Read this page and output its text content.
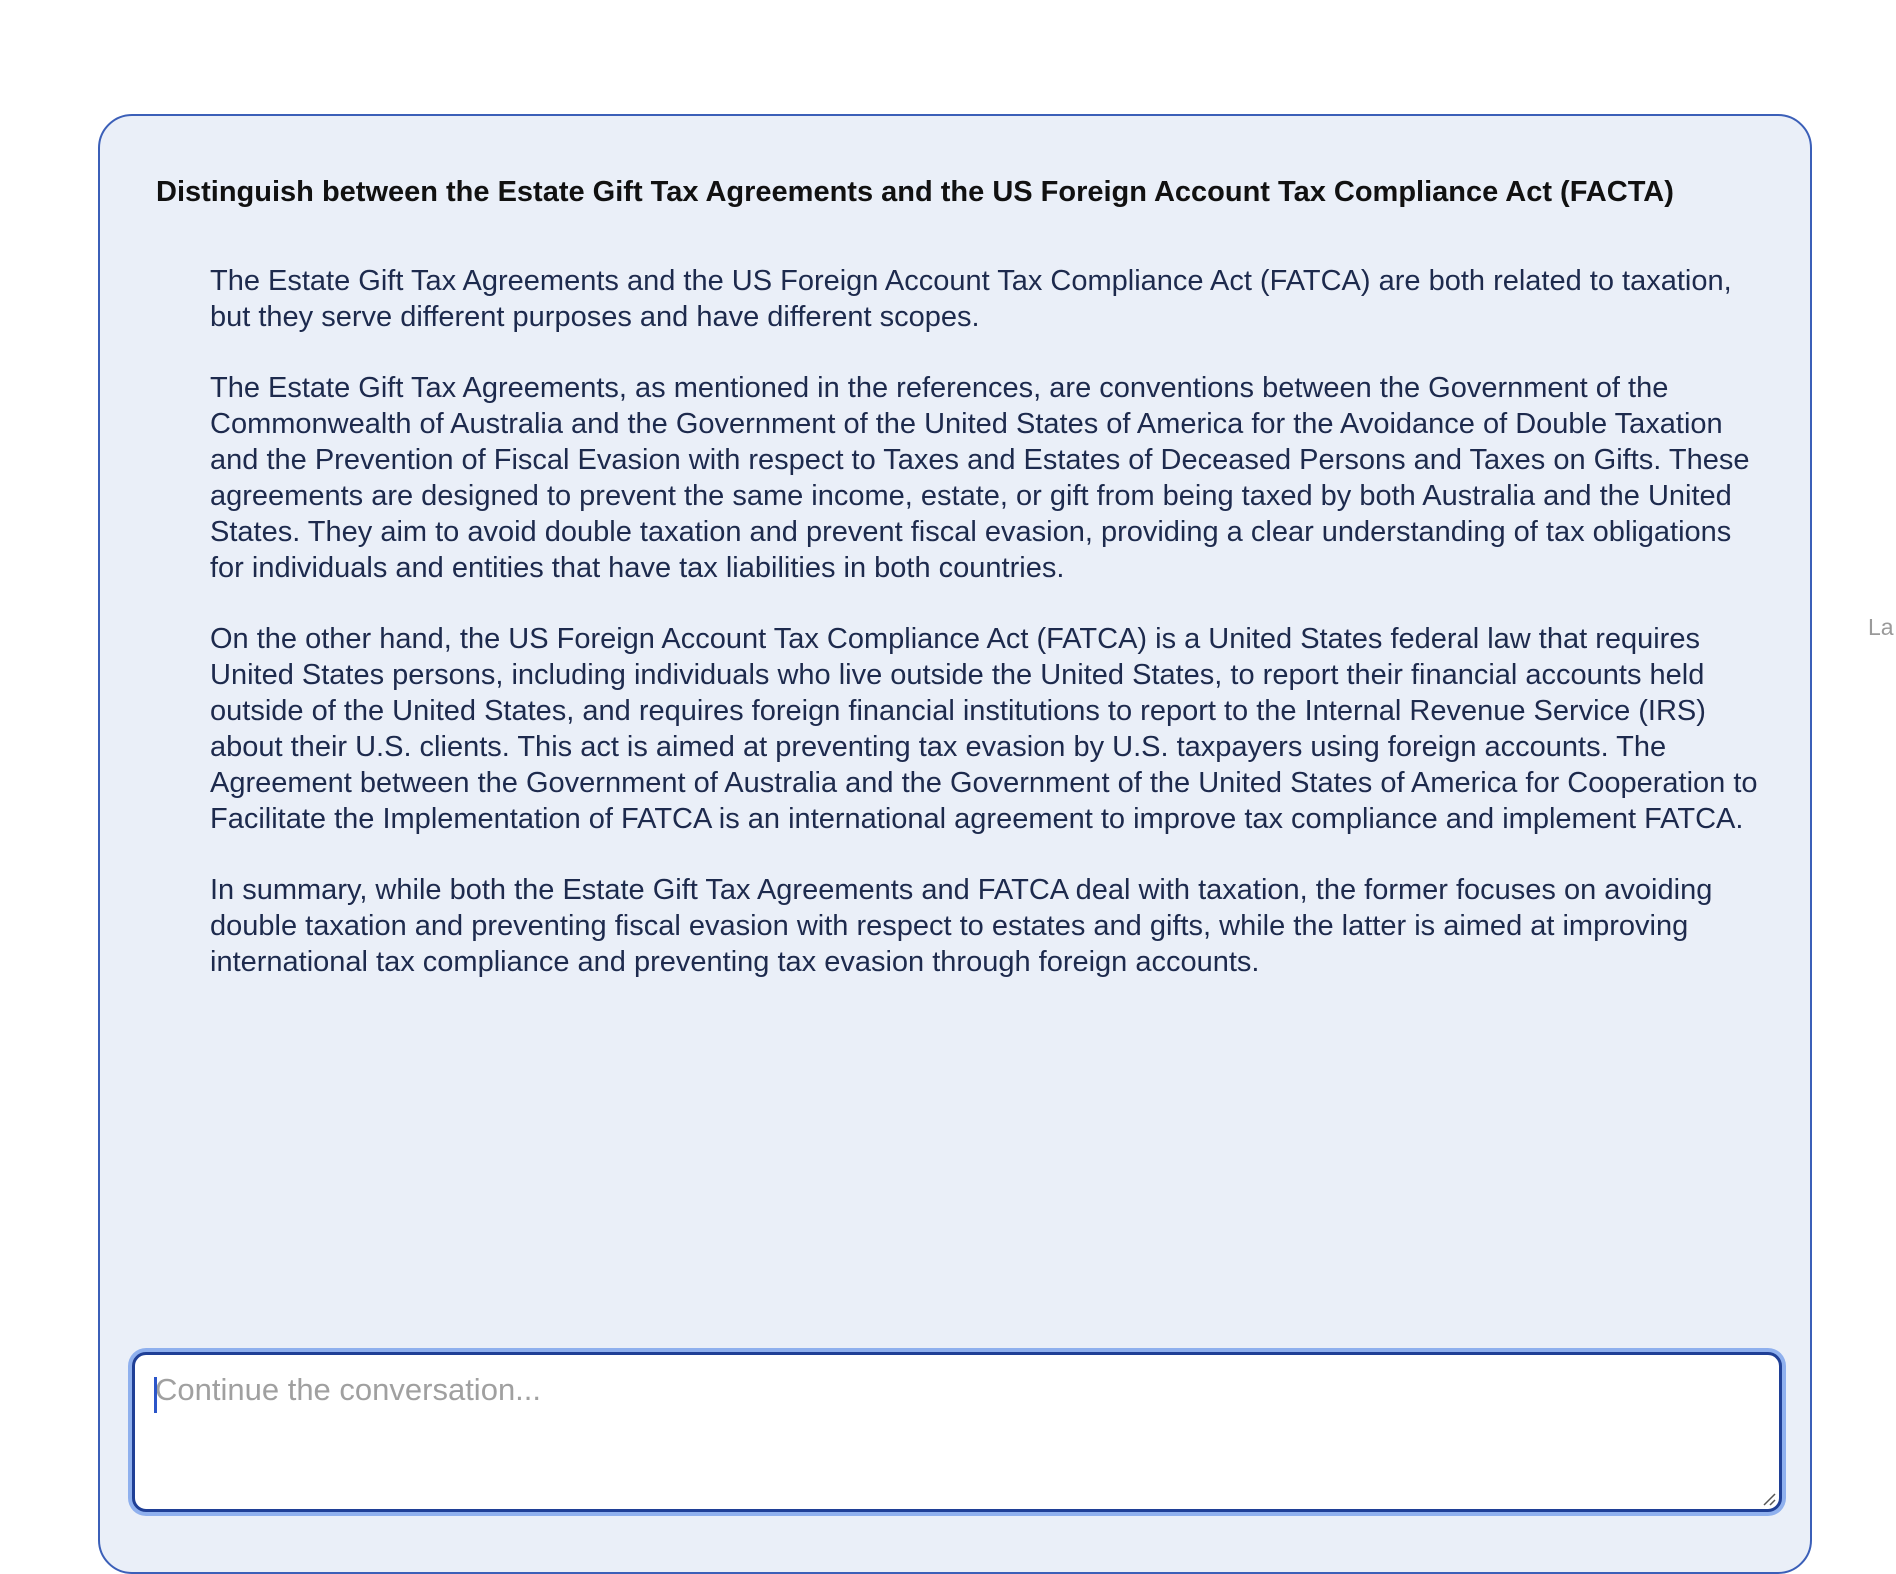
Distinguish between the Estate Gift Tax Agreements and the US Foreign Account Tax Compliance Act (FACTA)

The Estate Gift Tax Agreements and the US Foreign Account Tax Compliance Act (FATCA) are both related to taxation, but they serve different purposes and have different scopes.

The Estate Gift Tax Agreements, as mentioned in the references, are conventions between the Government of the Commonwealth of Australia and the Government of the United States of America for the Avoidance of Double Taxation and the Prevention of Fiscal Evasion with respect to Taxes and Estates of Deceased Persons and Taxes on Gifts. These agreements are designed to prevent the same income, estate, or gift from being taxed by both Australia and the United States. They aim to avoid double taxation and prevent fiscal evasion, providing a clear understanding of tax obligations for individuals and entities that have tax liabilities in both countries.

On the other hand, the US Foreign Account Tax Compliance Act (FATCA) is a United States federal law that requires United States persons, including individuals who live outside the United States, to report their financial accounts held outside of the United States, and requires foreign financial institutions to report to the Internal Revenue Service (IRS) about their U.S. clients. This act is aimed at preventing tax evasion by U.S. taxpayers using foreign accounts. The Agreement between the Government of Australia and the Government of the United States of America for Cooperation to Facilitate the Implementation of FATCA is an international agreement to improve tax compliance and implement FATCA.

In summary, while both the Estate Gift Tax Agreements and FATCA deal with taxation, the former focuses on avoiding double taxation and preventing fiscal evasion with respect to estates and gifts, while the latter is aimed at improving international tax compliance and preventing tax evasion through foreign accounts.

Continue the conversation...
La
